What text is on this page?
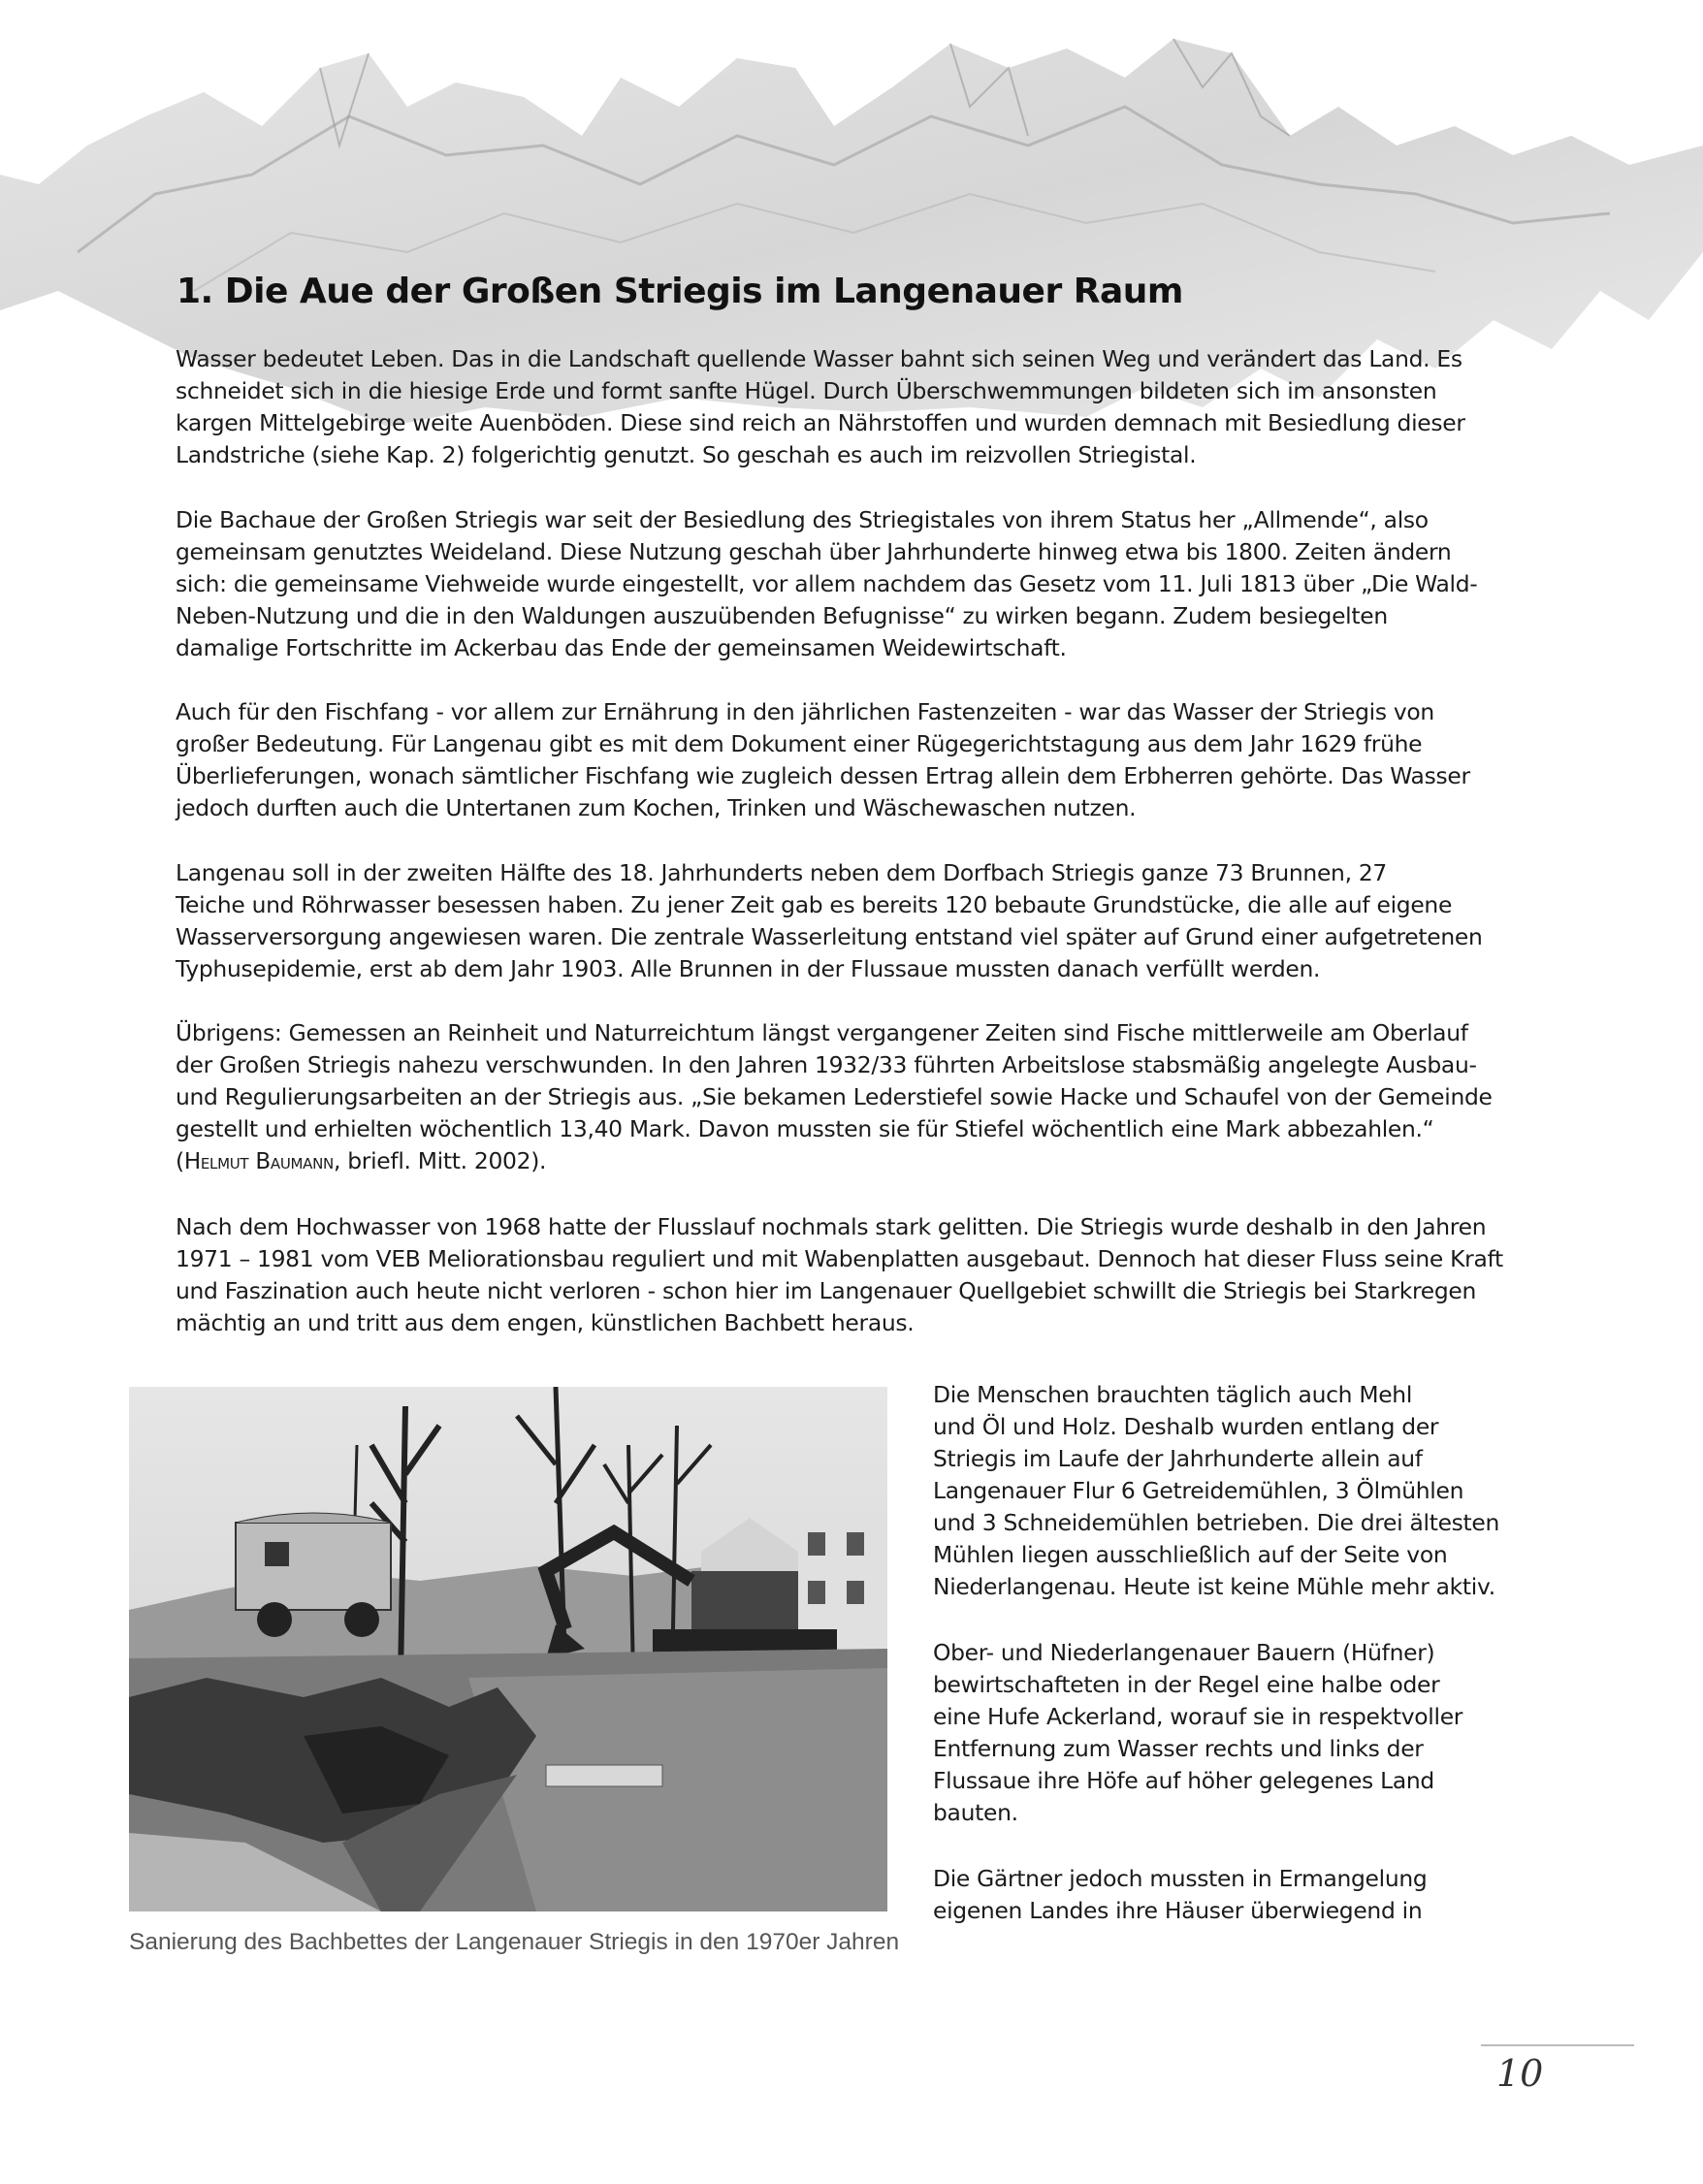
1. Die Aue der Großen Striegis im Langenauer Raum

Wasser bedeutet Leben. Das in die Landschaft quellende Wasser bahnt sich seinen Weg und verändert das Land. Es
schneidet sich in die hiesige Erde und formt sanfte Hügel. Durch Überschwemmungen bildeten sich im ansonsten
kargen Mittelgebirge weite Auenböden. Diese sind reich an Nährstoffen und wurden demnach mit Besiedlung dieser
Landstriche (siehe Kap. 2) folgerichtig genutzt. So geschah es auch im reizvollen Striegistal.

Die Bachaue der Großen Striegis war seit der Besiedlung des Striegistales von ihrem Status her „Allmende“, also
gemeinsam genutztes Weideland. Diese Nutzung geschah über Jahrhunderte hinweg etwa bis 1800. Zeiten ändern
sich: die gemeinsame Viehweide wurde eingestellt, vor allem nachdem das Gesetz vom 11. Juli 1813 über „Die Wald-
Neben-Nutzung und die in den Waldungen auszuübenden Befugnisse“ zu wirken begann. Zudem besiegelten
damalige Fortschritte im Ackerbau das Ende der gemeinsamen Weidewirtschaft.

Auch für den Fischfang - vor allem zur Ernährung in den jährlichen Fastenzeiten - war das Wasser der Striegis von
großer Bedeutung. Für Langenau gibt es mit dem Dokument einer Rügegerichtstagung aus dem Jahr 1629 frühe
Überlieferungen, wonach sämtlicher Fischfang wie zugleich dessen Ertrag allein dem Erbherren gehörte. Das Wasser
jedoch durften auch die Untertanen zum Kochen, Trinken und Wäschewaschen nutzen.

Langenau soll in der zweiten Hälfte des 18. Jahrhunderts neben dem Dorfbach Striegis ganze 73 Brunnen, 27
Teiche und Röhrwasser besessen haben. Zu jener Zeit gab es bereits 120 bebaute Grundstücke, die alle auf eigene
Wasserversorgung angewiesen waren. Die zentrale Wasserleitung entstand viel später auf Grund einer aufgetretenen
Typhusepidemie, erst ab dem Jahr 1903. Alle Brunnen in der Flussaue mussten danach verfüllt werden.

Übrigens: Gemessen an Reinheit und Naturreichtum längst vergangener Zeiten sind Fische mittlerweile am Oberlauf
der Großen Striegis nahezu verschwunden. In den Jahren 1932/33 führten Arbeitslose stabsmäßig angelegte Ausbau-
und Regulierungsarbeiten an der Striegis aus. „Sie bekamen Lederstiefel sowie Hacke und Schaufel von der Gemeinde
gestellt und erhielten wöchentlich 13,40 Mark. Davon mussten sie für Stiefel wöchentlich eine Mark abbezahlen.“
(HELMUT BAUMANN, briefl. Mitt. 2002).

Nach dem Hochwasser von 1968 hatte der Flusslauf nochmals stark gelitten. Die Striegis wurde deshalb in den Jahren
1971 – 1981 vom VEB Meliorationsbau reguliert und mit Wabenplatten ausgebaut. Dennoch hat dieser Fluss seine Kraft
und Faszination auch heute nicht verloren - schon hier im Langenauer Quellgebiet schwillt die Striegis bei Starkregen
mächtig an und tritt aus dem engen, künstlichen Bachbett heraus.

Sanierung des Bachbettes der Langenauer Striegis in den 1970er Jahren

Die Menschen brauchten täglich auch Mehl
und Öl und Holz. Deshalb wurden entlang der
Striegis im Laufe der Jahrhunderte allein auf
Langenauer Flur 6 Getreidemühlen, 3 Ölmühlen
und 3 Schneidemühlen betrieben. Die drei ältesten
Mühlen liegen ausschließlich auf der Seite von
Niederlangenau. Heute ist keine Mühle mehr aktiv.

Ober- und Niederlangenauer Bauern (Hüfner)
bewirtschafteten in der Regel eine halbe oder
eine Hufe Ackerland, worauf sie in respektvoller
Entfernung zum Wasser rechts und links der
Flussaue ihre Höfe auf höher gelegenes Land
bauten.

Die Gärtner jedoch mussten in Ermangelung
eigenen Landes ihre Häuser überwiegend in

10
